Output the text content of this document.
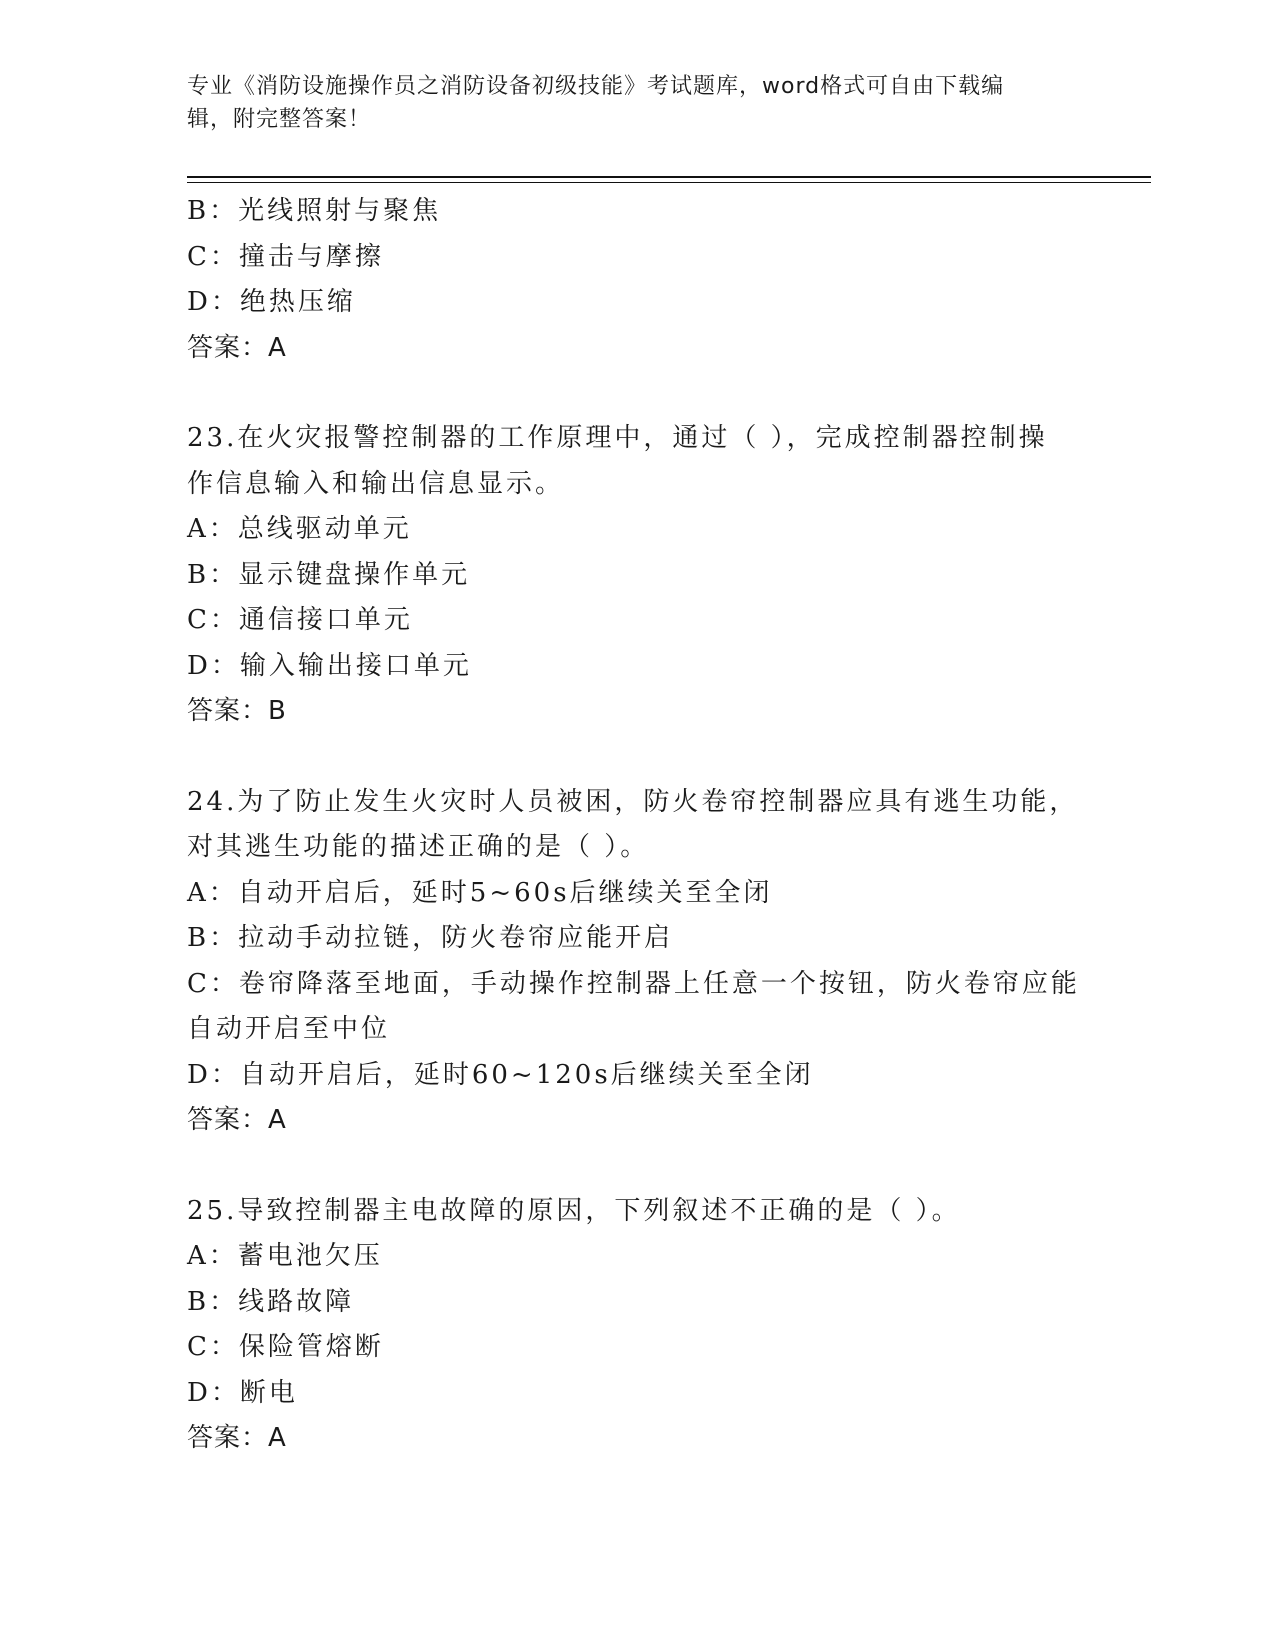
专业《消防设施操作员之消防设备初级技能》考试题库，word格式可自由下载编
辑，附完整答案！
B：光线照射与聚焦
C：撞击与摩擦
D：绝热压缩
答案：A
23.在火灾报警控制器的工作原理中，通过（ ），完成控制器控制操
作信息输入和输出信息显示。
A：总线驱动单元
B：显示键盘操作单元
C：通信接口单元
D：输入输出接口单元
答案：B
24.为了防止发生火灾时人员被困，防火卷帘控制器应具有逃生功能，
对其逃生功能的描述正确的是（ ）。
A：自动开启后，延时5~60s后继续关至全闭
B：拉动手动拉链，防火卷帘应能开启
C：卷帘降落至地面，手动操作控制器上任意一个按钮，防火卷帘应能
自动开启至中位
D：自动开启后，延时60~120s后继续关至全闭
答案：A
25.导致控制器主电故障的原因，下列叙述不正确的是（ ）。
A：蓄电池欠压
B：线路故障
C：保险管熔断
D：断电
答案：A
